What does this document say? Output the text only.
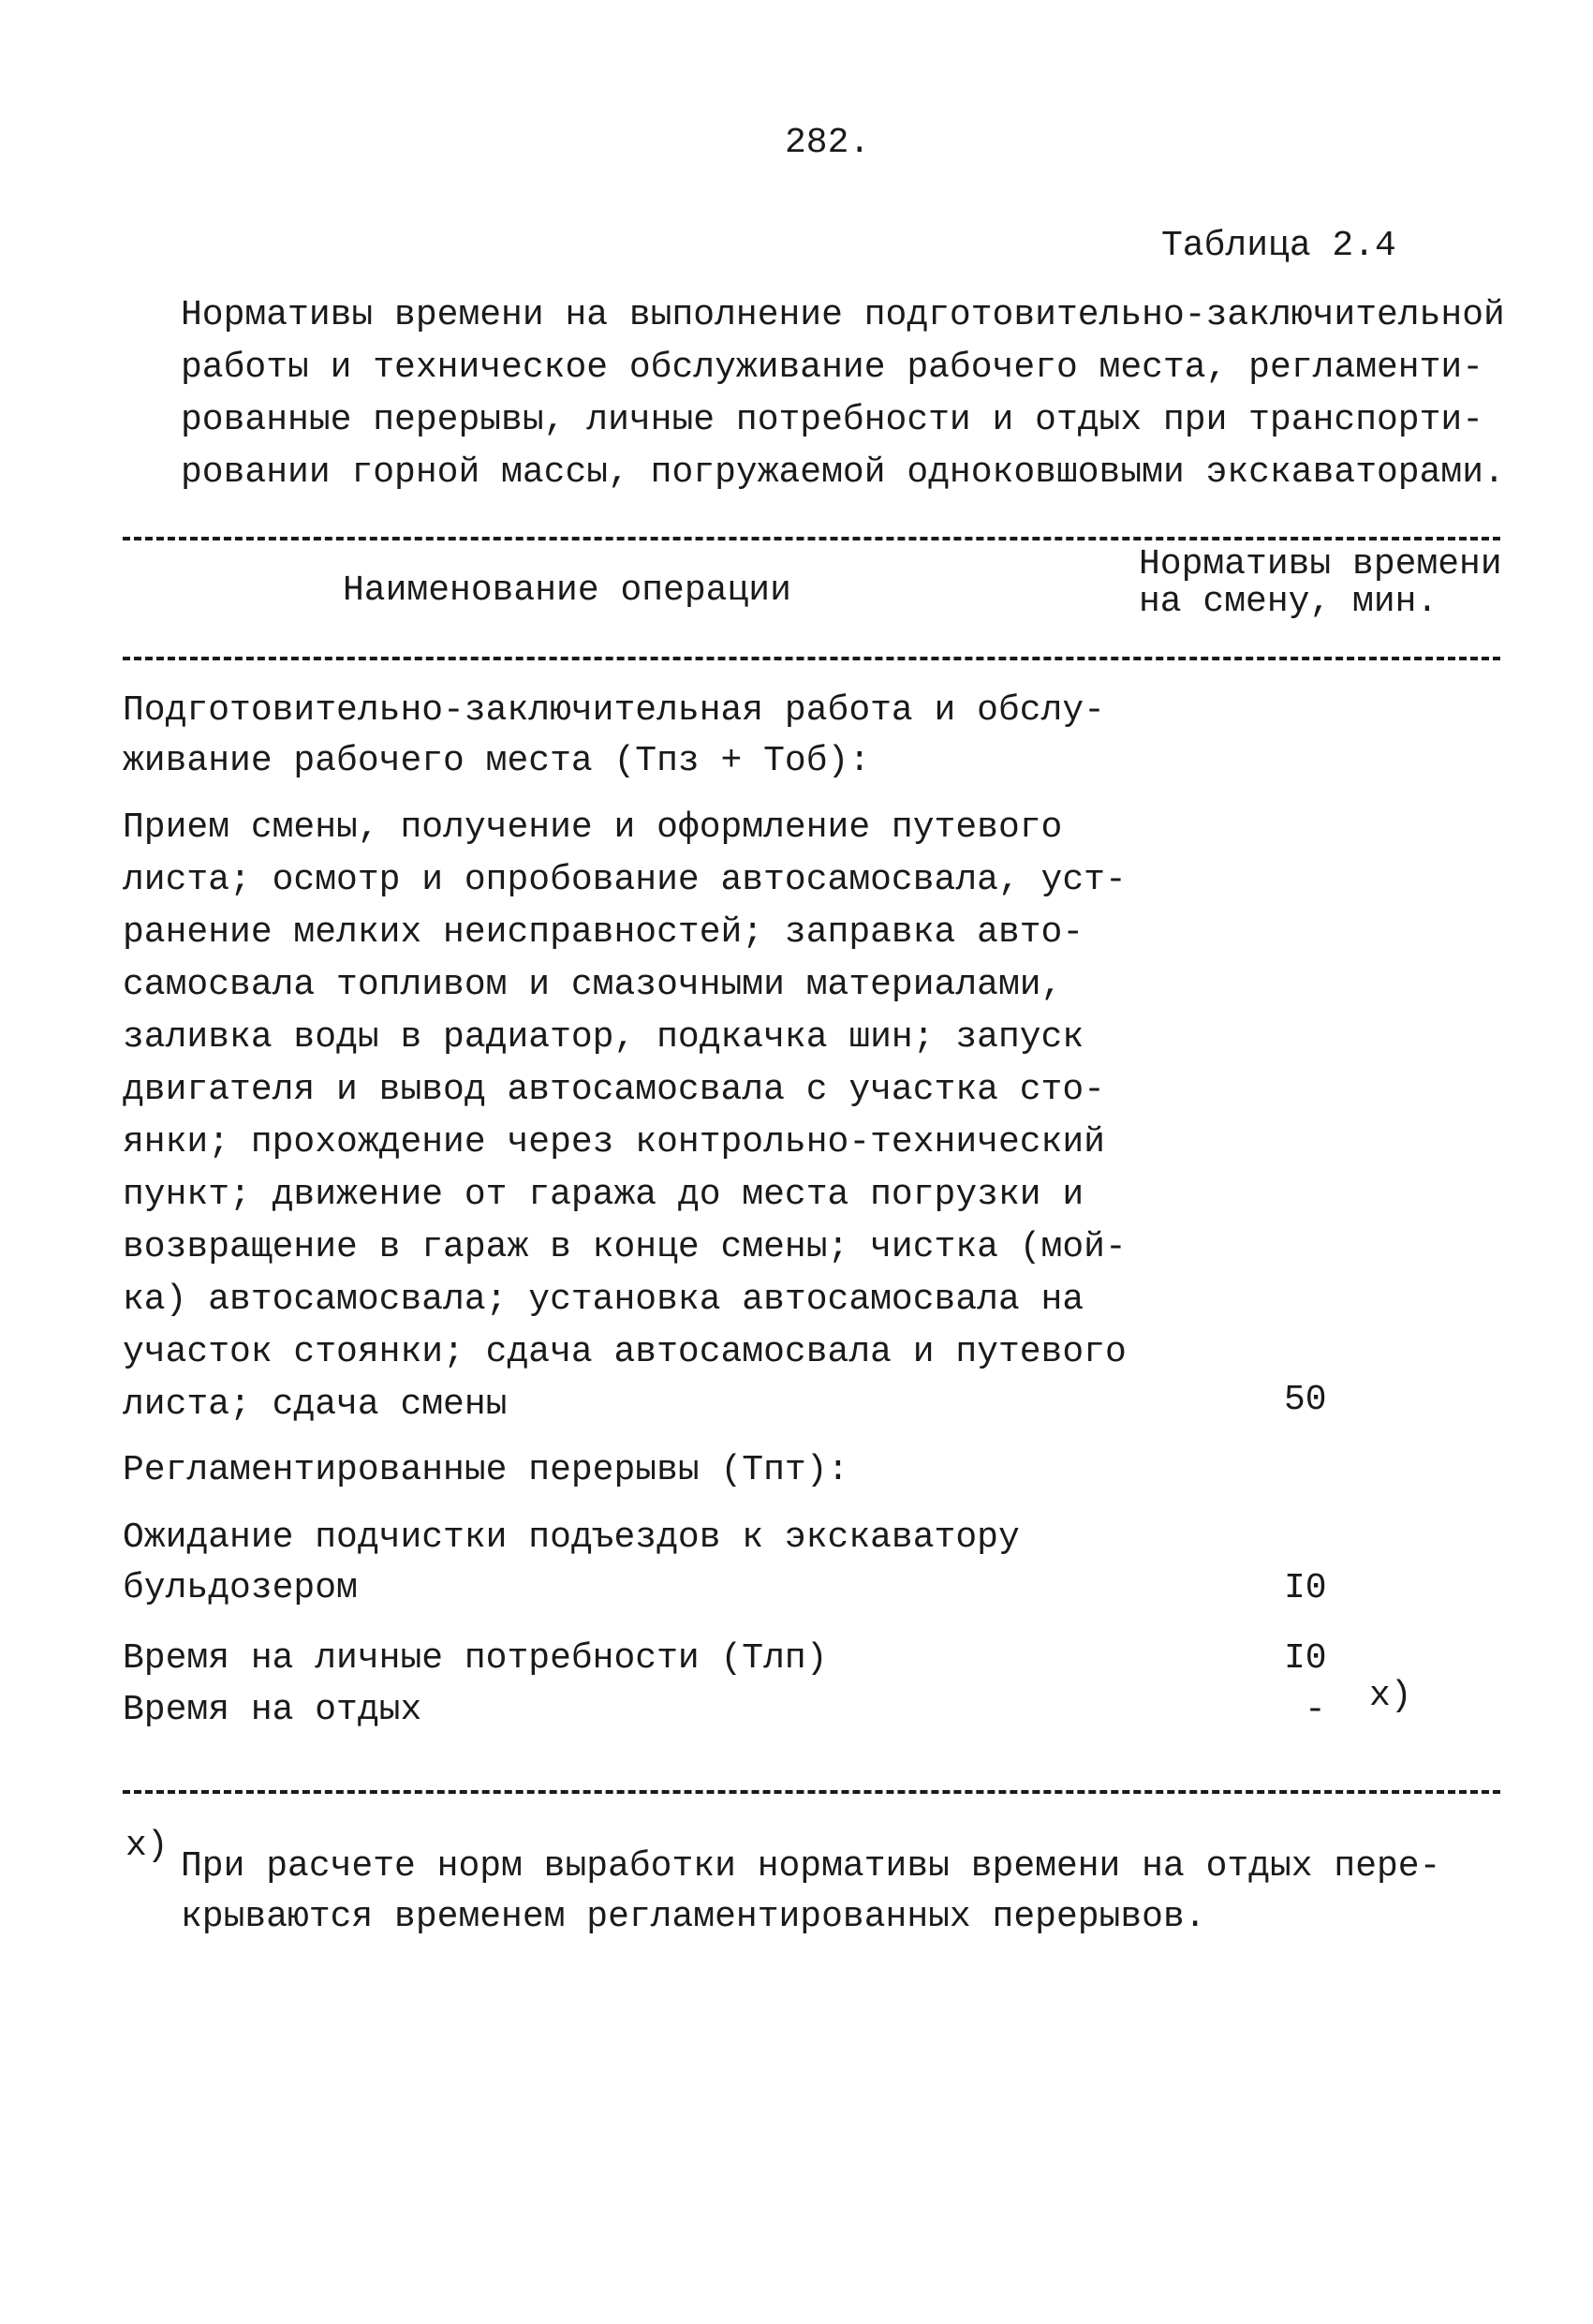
282.
Таблица 2.4
Нормативы времени на выполнение подготовительно-заключительной
работы и техническое обслуживание рабочего места, регламенти-
рованные перерывы, личные потребности и отдых при транспорти-
ровании горной массы, погружаемой одноковшовыми экскаваторами.
Наименование операции
Нормативы времени
на смену, мин.
Подготовительно-заключительная работа и обслу-
живание рабочего места (Тпз + Тоб):
Прием смены, получение и оформление путевого
листа; осмотр и опробование автосамосвала, уст-
ранение мелких неисправностей; заправка авто-
самосвала топливом и смазочными материалами,
заливка воды в радиатор, подкачка шин; запуск
двигателя и вывод автосамосвала с участка сто-
янки; прохождение через контрольно-технический
пункт; движение от гаража до места погрузки и
возвращение в гараж в конце смены; чистка (мой-
ка) автосамосвала; установка автосамосвала на
участок стоянки; сдача автосамосвала и путевого
листа; сдача смены	50
Регламентированные перерывы (Тпт):
Ожидание подчистки подъездов к экскаватору
бульдозером	I0
Время на личные потребности (Тлп)	I0
Время на отдых	- x)
x)
При расчете норм выработки нормативы времени на отдых пере-
крываются временем регламентированных перерывов.
